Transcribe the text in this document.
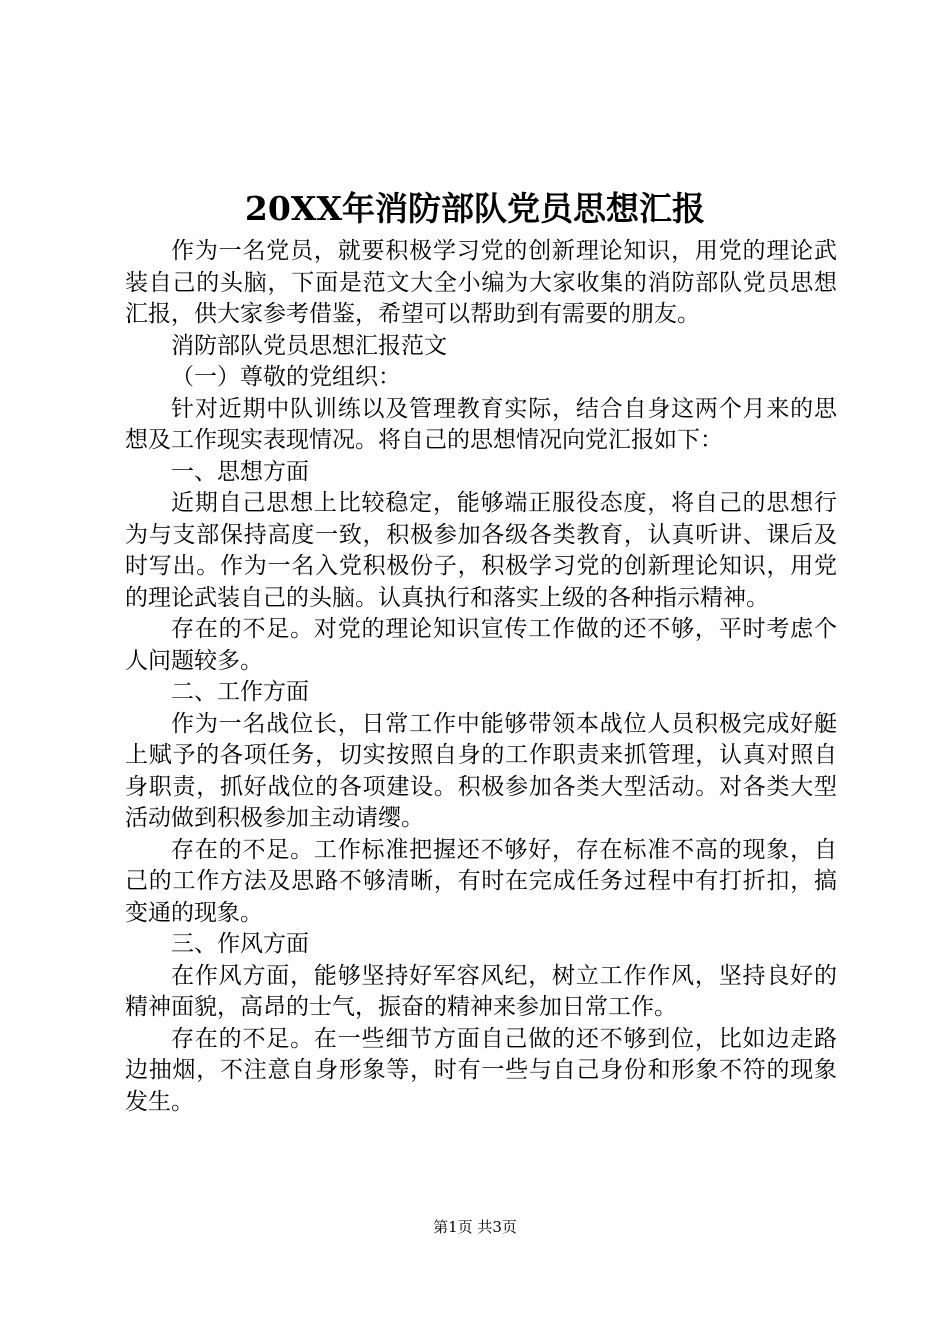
20XX年消防部队党员思想汇报

作为一名党员，就要积极学习党的创新理论知识，用党的理论武装自己的头脑，下面是范文大全小编为大家收集的消防部队党员思想汇报，供大家参考借鉴，希望可以帮助到有需要的朋友。

消防部队党员思想汇报范文

（一）尊敬的党组织：

针对近期中队训练以及管理教育实际，结合自身这两个月来的思想及工作现实表现情况。将自己的思想情况向党汇报如下：

一、思想方面

近期自己思想上比较稳定，能够端正服役态度，将自己的思想行为与支部保持高度一致，积极参加各级各类教育，认真听讲、课后及时写出。作为一名入党积极份子，积极学习党的创新理论知识，用党的理论武装自己的头脑。认真执行和落实上级的各种指示精神。

存在的不足。对党的理论知识宣传工作做的还不够，平时考虑个人问题较多。

二、工作方面

作为一名战位长，日常工作中能够带领本战位人员积极完成好艇上赋予的各项任务，切实按照自身的工作职责来抓管理，认真对照自身职责，抓好战位的各项建设。积极参加各类大型活动。对各类大型活动做到积极参加主动请缨。

存在的不足。工作标准把握还不够好，存在标准不高的现象，自己的工作方法及思路不够清晰，有时在完成任务过程中有打折扣，搞变通的现象。

三、作风方面

在作风方面，能够坚持好军容风纪，树立工作作风，坚持良好的精神面貌，高昂的士气，振奋的精神来参加日常工作。

存在的不足。在一些细节方面自己做的还不够到位，比如边走路边抽烟，不注意自身形象等，时有一些与自己身份和形象不符的现象发生。

第1页 共3页
